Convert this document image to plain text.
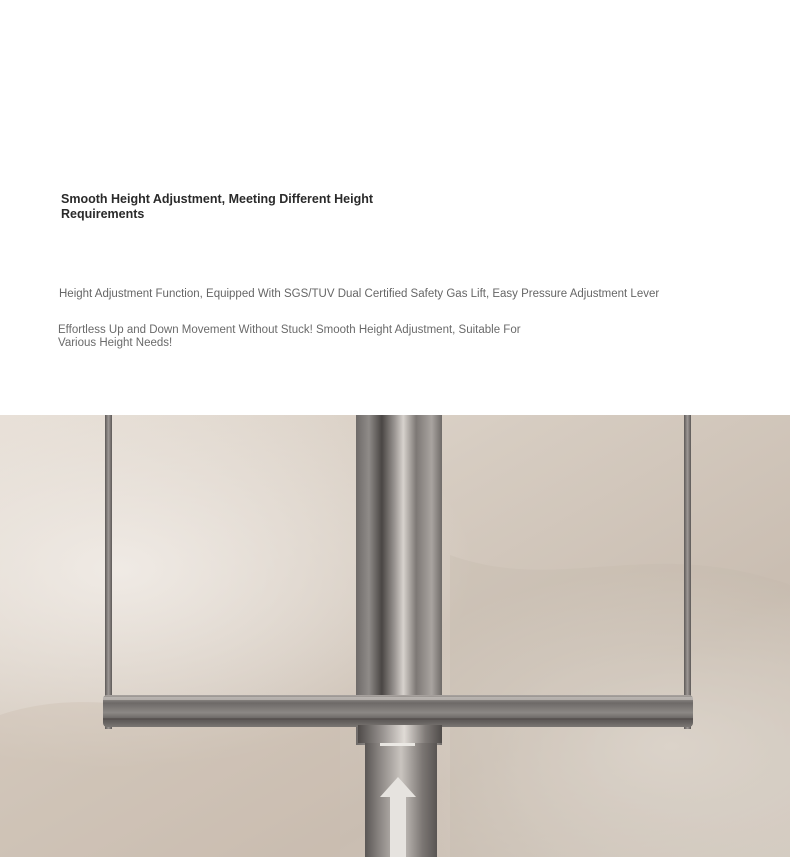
Smooth Height Adjustment, Meeting Different Height Requirements

Height Adjustment Function, Equipped With SGS/TUV Dual Certified Safety Gas Lift, Easy Pressure Adjustment Lever

Effortless Up and Down Movement Without Stuck! Smooth Height Adjustment, Suitable For Various Height Needs!
